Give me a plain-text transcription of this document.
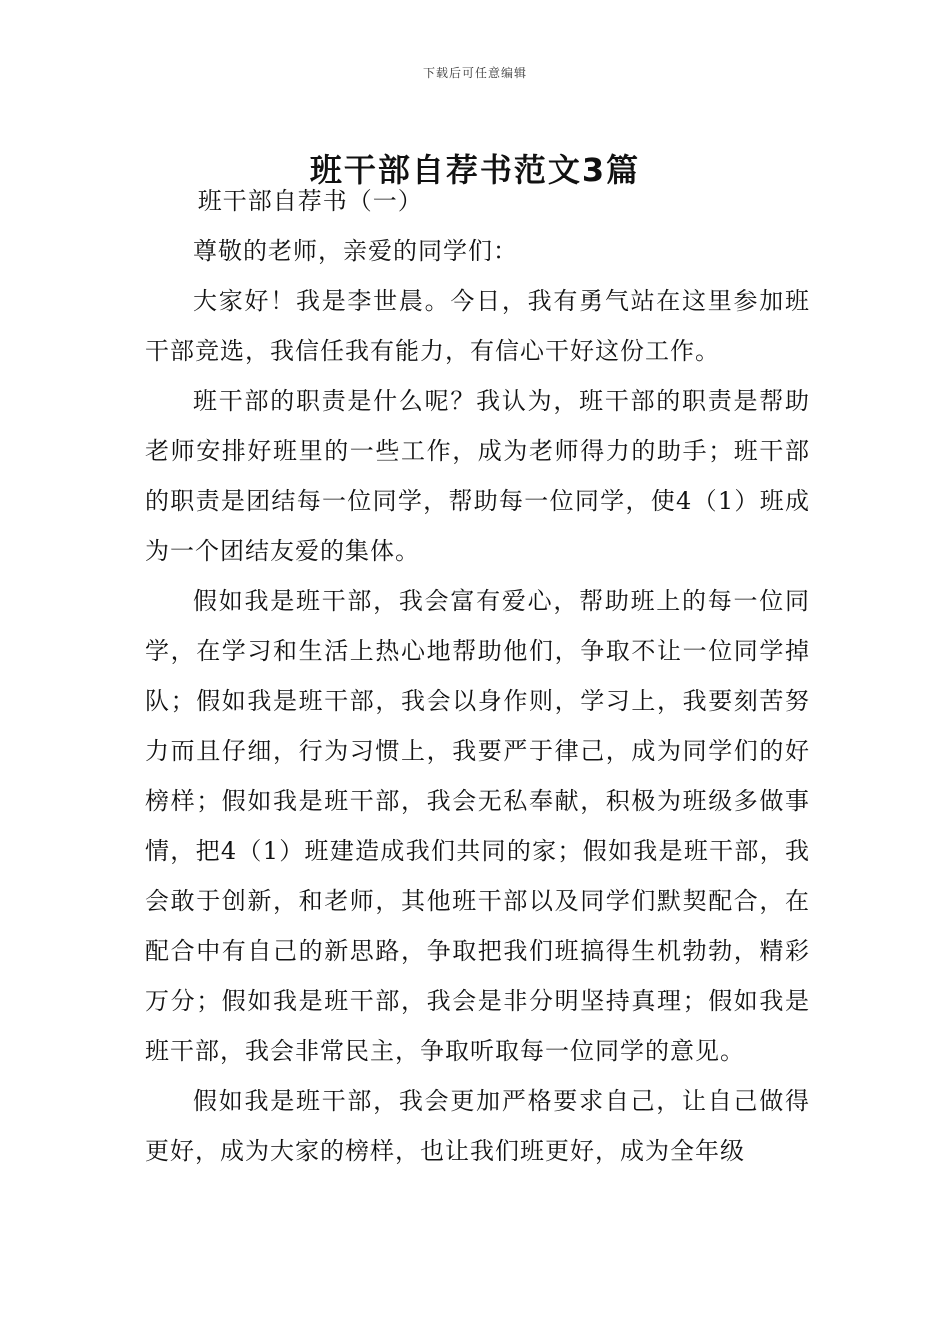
下载后可任意编辑
班干部自荐书范文3篇

班干部自荐书（一）

尊敬的老师，亲爱的同学们：

大家好！我是李世晨。今日，我有勇气站在这里参加班干部竞选，我信任我有能力，有信心干好这份工作。

班干部的职责是什么呢？我认为，班干部的职责是帮助老师安排好班里的一些工作，成为老师得力的助手；班干部的职责是团结每一位同学，帮助每一位同学，使4（1）班成为一个团结友爱的集体。

假如我是班干部，我会富有爱心，帮助班上的每一位同学，在学习和生活上热心地帮助他们，争取不让一位同学掉队；假如我是班干部，我会以身作则，学习上，我要刻苦努力而且仔细，行为习惯上，我要严于律己，成为同学们的好榜样；假如我是班干部，我会无私奉献，积极为班级多做事情，把4（1）班建造成我们共同的家；假如我是班干部，我会敢于创新，和老师，其他班干部以及同学们默契配合，在配合中有自己的新思路，争取把我们班搞得生机勃勃，精彩万分；假如我是班干部，我会是非分明坚持真理；假如我是班干部，我会非常民主，争取听取每一位同学的意见。

假如我是班干部，我会更加严格要求自己，让自己做得更好，成为大家的榜样，也让我们班更好，成为全年级
